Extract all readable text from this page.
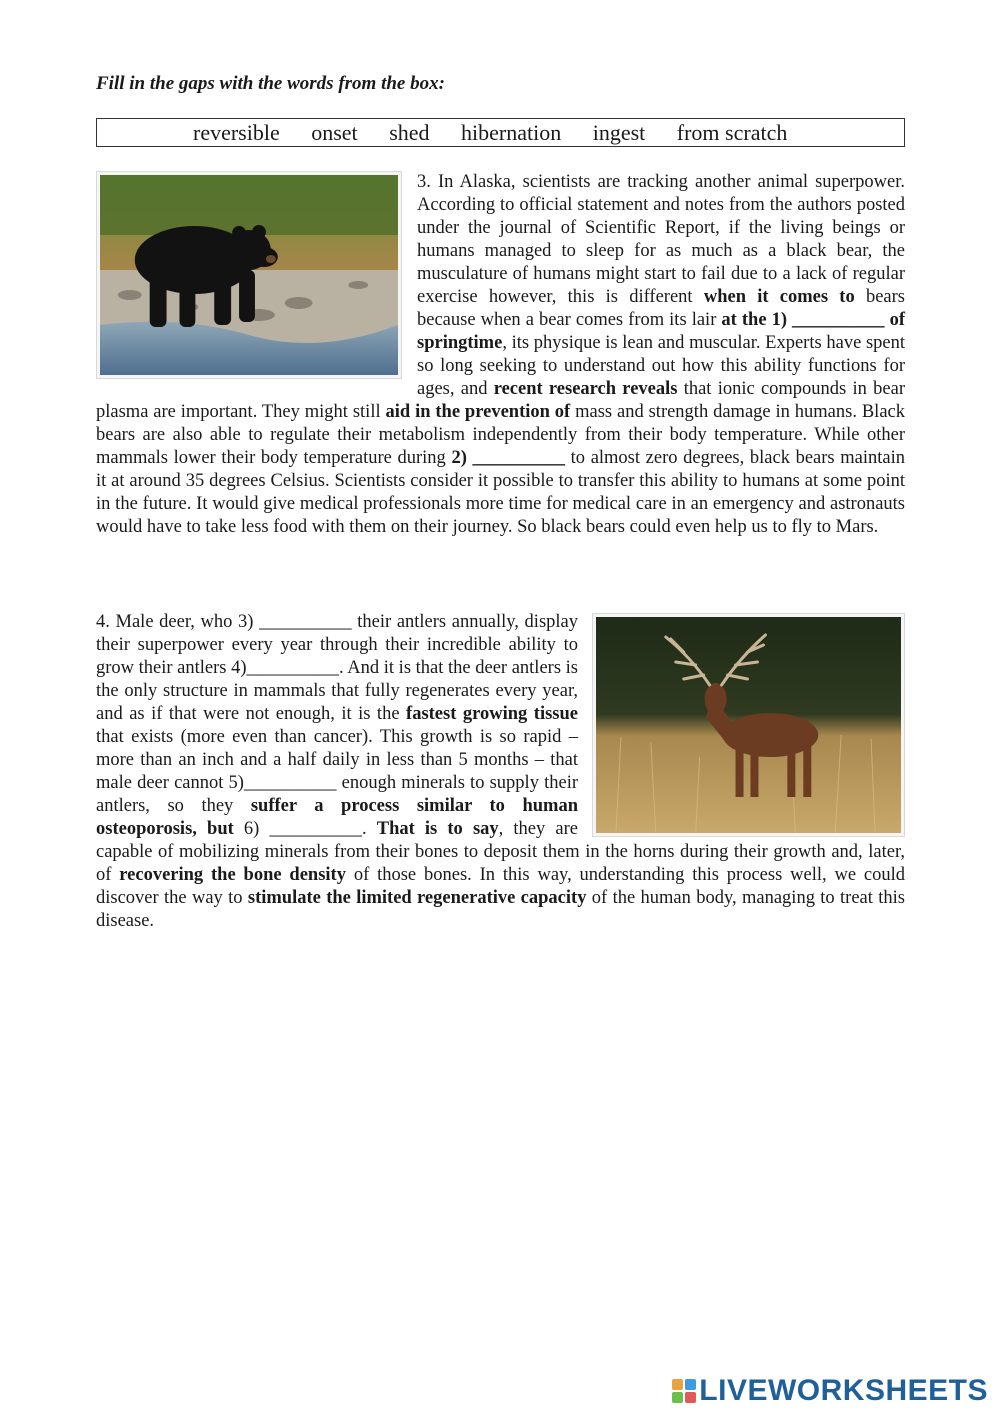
Fill in the gaps with the words from the box:
reversible onset shed hibernation ingest from scratch
3. In Alaska, scientists are tracking another animal superpower. According to official statement and notes from the authors posted under the journal of Scientific Report, if the living beings or humans managed to sleep for as much as a black bear, the musculature of humans might start to fail due to a lack of regular exercise however, this is different when it comes to bears because when a bear comes from its lair at the 1) __________ of springtime, its physique is lean and muscular. Experts have spent so long seeking to understand out how this ability functions for ages, and recent research reveals that ionic compounds in bear plasma are important. They might still aid in the prevention of mass and strength damage in humans. Black bears are also able to regulate their metabolism independently from their body temperature. While other mammals lower their body temperature during 2) __________ to almost zero degrees, black bears maintain it at around 35 degrees Celsius. Scientists consider it possible to transfer this ability to humans at some point in the future. It would give medical professionals more time for medical care in an emergency and astronauts would have to take less food with them on their journey. So black bears could even help us to fly to Mars.
4. Male deer, who 3) __________ their antlers annually, display their superpower every year through their incredible ability to grow their antlers 4)__________. And it is that the deer antlers is the only structure in mammals that fully regenerates every year, and as if that were not enough, it is the fastest growing tissue that exists (more even than cancer). This growth is so rapid – more than an inch and a half daily in less than 5 months – that male deer cannot 5)__________ enough minerals to supply their antlers, so they suffer a process similar to human osteoporosis, but 6) __________. That is to say, they are capable of mobilizing minerals from their bones to deposit them in the horns during their growth and, later, of recovering the bone density of those bones. In this way, understanding this process well, we could discover the way to stimulate the limited regenerative capacity of the human body, managing to treat this disease.
LIVEWORKSHEETS
